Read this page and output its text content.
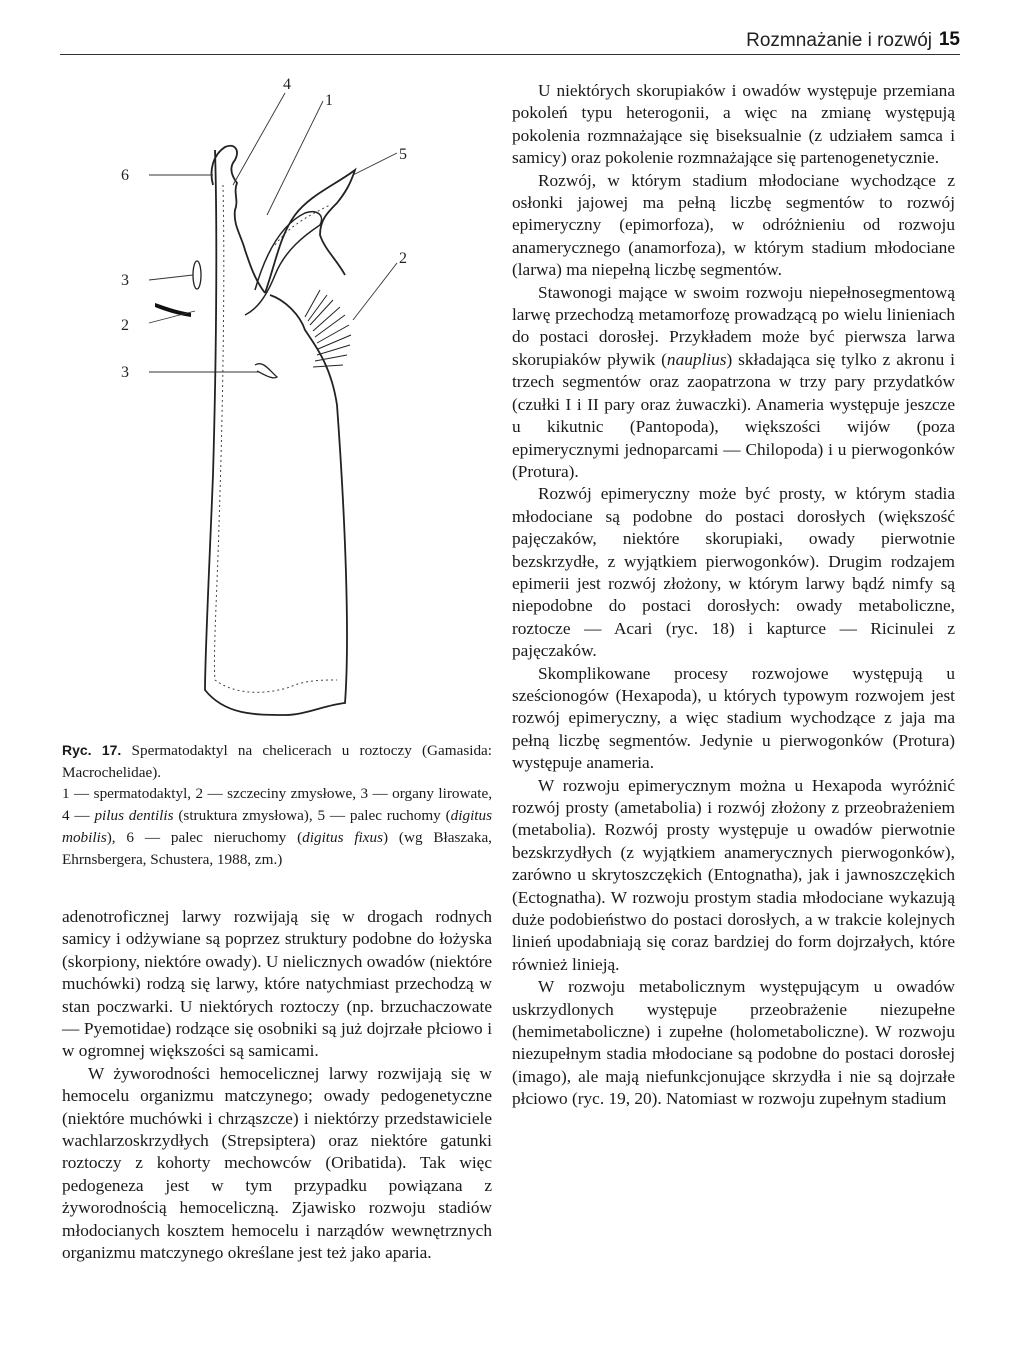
Rozmnażanie i rozwój 15
4
1
5
2
6
3
2
3

Ryc. 17. Spermatodaktyl na chelicerach u roztoczy (Gamasida: Macrochelidae).
1 — spermatodaktyl, 2 — szczeciny zmysłowe, 3 — organy lirowate, 4 — pilus dentilis (struktura zmysłowa), 5 — palec ruchomy (digitus mobilis), 6 — palec nieruchomy (digitus fixus) (wg Błaszaka, Ehrnsbergera, Schustera, 1988, zm.)

adenotroficznej larwy rozwijają się w drogach rodnych samicy i odżywiane są poprzez struktury podobne do łożyska (skorpiony, niektóre owady). U nielicznych owadów (niektóre muchówki) rodzą się larwy, które natychmiast przechodzą w stan poczwarki. U niektórych roztoczy (np. brzuchaczowate — Pyemotidae) rodzące się osobniki są już dojrzałe płciowo i w ogromnej większości są samicami.

W żyworodności hemocelicznej larwy rozwijają się w hemocelu organizmu matczynego; owady pedogenetyczne (niektóre muchówki i chrząszcze) i niektórzy przedstawiciele wachlarzoskrzydłych (Strepsiptera) oraz niektóre gatunki roztoczy z kohorty mechowców (Oribatida). Tak więc pedogeneza jest w tym przypadku powiązana z żyworodnością hemoceliczną. Zjawisko rozwoju stadiów młodocianych kosztem hemocelu i narządów wewnętrznych organizmu matczynego określane jest też jako aparia.

U niektórych skorupiaków i owadów występuje przemiana pokoleń typu heterogonii, a więc na zmianę występują pokolenia rozmnażające się biseksualnie (z udziałem samca i samicy) oraz pokolenie rozmnażające się partenogenetycznie.

Rozwój, w którym stadium młodociane wychodzące z osłonki jajowej ma pełną liczbę segmentów to rozwój epimeryczny (epimorfoza), w odróżnieniu od rozwoju anamerycznego (anamorfoza), w którym stadium młodociane (larwa) ma niepełną liczbę segmentów.

Stawonogi mające w swoim rozwoju niepełnosegmentową larwę przechodzą metamorfozę prowadzącą po wielu linieniach do postaci dorosłej. Przykładem może być pierwsza larwa skorupiaków pływik (nauplius) składająca się tylko z akronu i trzech segmentów oraz zaopatrzona w trzy pary przydatków (czułki I i II pary oraz żuwaczki). Anameria występuje jeszcze u kikutnic (Pantopoda), większości wijów (poza epimerycznymi jednoparcami — Chilopoda) i u pierwogonków (Protura).

Rozwój epimeryczny może być prosty, w którym stadia młodociane są podobne do postaci dorosłych (większość pajęczaków, niektóre skorupiaki, owady pierwotnie bezskrzydłe, z wyjątkiem pierwogonków). Drugim rodzajem epimerii jest rozwój złożony, w którym larwy bądź nimfy są niepodobne do postaci dorosłych: owady metaboliczne, roztocze — Acari (ryc. 18) i kapturce — Ricinulei z pajęczaków.

Skomplikowane procesy rozwojowe występują u sześcionogów (Hexapoda), u których typowym rozwojem jest rozwój epimeryczny, a więc stadium wychodzące z jaja ma pełną liczbę segmentów. Jedynie u pierwogonków (Protura) występuje anameria.

W rozwoju epimerycznym można u Hexapoda wyróżnić rozwój prosty (ametabolia) i rozwój złożony z przeobrażeniem (metabolia). Rozwój prosty występuje u owadów pierwotnie bezskrzydłych (z wyjątkiem anamerycznych pierwogonków), zarówno u skrytoszczękich (Entognatha), jak i jawnoszczękich (Ectognatha). W rozwoju prostym stadia młodociane wykazują duże podobieństwo do postaci dorosłych, a w trakcie kolejnych linień upodabniają się coraz bardziej do form dojrzałych, które również linieją.

W rozwoju metabolicznym występującym u owadów uskrzydlonych występuje przeobrażenie niezupełne (hemimetaboliczne) i zupełne (holometaboliczne). W rozwoju niezupełnym stadia młodociane są podobne do postaci dorosłej (imago), ale mają niefunkcjonujące skrzydła i nie są dojrzałe płciowo (ryc. 19, 20). Natomiast w rozwoju zupełnym stadium
